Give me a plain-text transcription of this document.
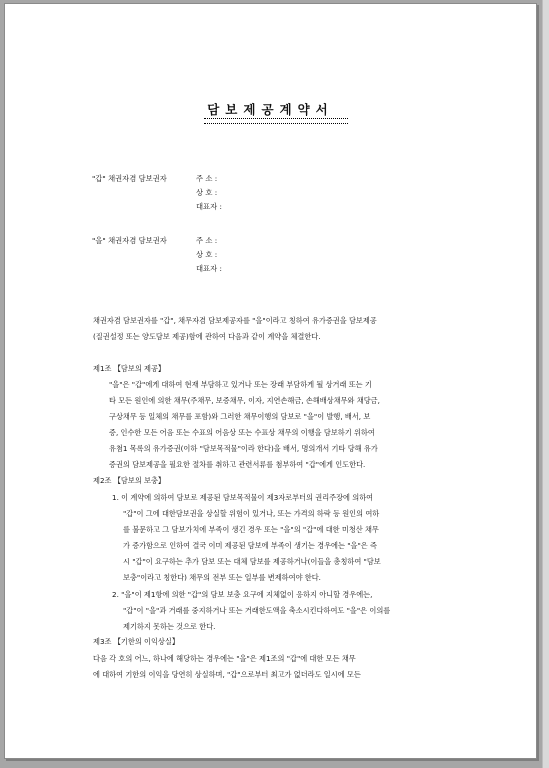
담보제공계약서
"갑" 채권자겸 담보권자	주 소 :
상 호 :
대표자 :
"을" 채권자겸 담보권자	주 소 :
상 호 :
대표자 :
채권자겸 담보권자를 "갑", 채무자겸 담보제공자를 "을"이라고 칭하여 유가증권을 담보제공
(질권설정 또는 양도담보 제공)함에 관하여 다음과 같이 계약을 체결한다.
제1조 【담보의 제공】
"을"은 "갑"에게 대하여 현재 부담하고 있거나 또는 장래 부담하게 될 상거래 또는 기
타 모든 원인에 의한 채무(주채무, 보증채무, 이자, 지연손해금, 손해배상채무와 채당금,
구상채무 등 일체의 채무를 포함)와 그러한 채무이행의 담보로 "을"이 발행, 배서, 보
증, 인수한 모든 어음 또는 수표의 어음상 또는 수표상 채무의 이행을 담보하기 위하여
유첨1 목록의 유가증권(이하 "담보목적물"이라 한다)을 배서, 명의개서 기타 당해 유가
증권의 담보제공을 필요한 절차를 취하고 관련서류를 첨부하여 "갑"에게 인도한다.
제2조 【담보의 보충】
1. 이 계약에 의하여 담보로 제공된 담보목적물이 제3자로부터의 권리주장에 의하여
"갑"이 그에 대한담보권을 상실할 위험이 있거나, 또는 가격의 하락 등 원인의 여하
를 불문하고 그 담보가치에 부족이 생긴 경우 또는 "을"의 "갑"에 대한 미청산 채무
가 증가함으로 인하여 결국 이미 제공된 담보에 부족이 생기는 경우에는 "을"은 즉
시 "갑"이 요구하는 추가 담보 또는 대체 담보를 제공하거나(이들을 총칭하여 "담보
보충"이라고 칭한다) 채무의 전부 또는 일부를 변제하여야 한다.
2. "을"이 제1항에 의한 "갑"의 담보 보충 요구에 지체없이 응하지 아니할 경우에는,
"갑"이 "을"과 거래를 중지하거나 또는 거래한도액을 축소시킨다하여도 "을"은 이의를
제기하지 못하는 것으로 한다.
제3조 【기한의 이익상실】
다음 각 호의 어느, 하나에 해당하는 경우에는 "을"은 제1조의 "갑"에 대한 모든 채무
에 대하여 기한의 이익을 당연히 상실하며, "갑"으로부터 최고가 없더라도 일시에 모든
